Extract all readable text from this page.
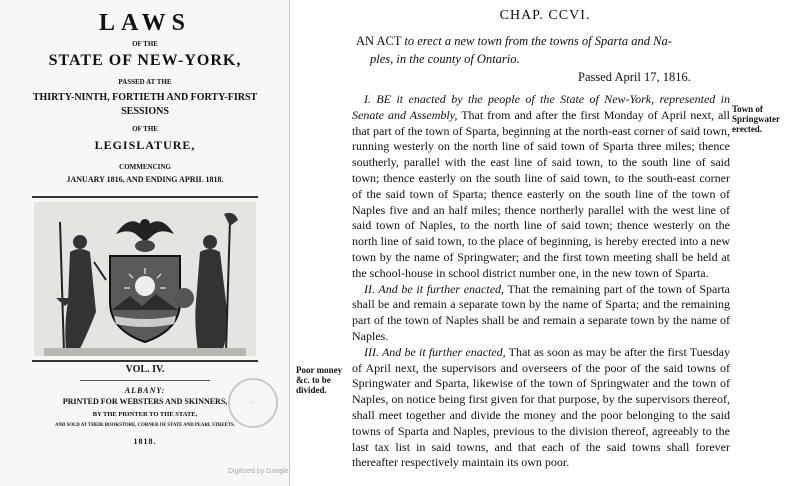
LAWS
OF THE
STATE OF NEW-YORK,
PASSED AT THE
THIRTY-NINTH, FORTIETH AND FORTY-FIRST
SESSIONS
OF THE
LEGISLATURE,
COMMENCING
JANUARY 1816, AND ENDING APRIL 1818.
VOL. IV.
ALBANY:
PRINTED FOR WEBSTERS AND SKINNERS,
BY THE PRINTER TO THE STATE,
AND SOLD AT THEIR BOOKSTORE, CORNER OF STATE AND PEARL STREETS.
1818.
○
Digitized by Google
CHAP. CCVI.
AN ACT to erect a new town from the towns of Sparta and Na-
ples, in the county of Ontario.
Passed April 17, 1816.

I. BE it enacted by the people of the State of New-York, represented in Senate and Assembly, That from and after the first Monday of April next, all that part of the town of Sparta, beginning at the north-east corner of said town, running westerly on the north line of said town of Sparta three miles; thence southerly, parallel with the east line of said town, to the south line of said town; thence easterly on the south line of said town, to the south-east corner of the said town of Sparta; thence easterly on the south line of the town of Naples five and an half miles; thence northerly parallel with the west line of said town of Naples, to the north line of said town; thence westerly on the north line of said town, to the place of beginning, is hereby erected into a new town by the name of Springwater; and the first town meeting shall be held at the school-house in school district number one, in the new town of Sparta.

II. And be it further enacted, That the remaining part of the town of Sparta shall be and remain a separate town by the name of Sparta; and the remaining part of the town of Naples shall be and remain a separate town by the name of Naples.

III. And be it further enacted, That as soon as may be after the first Tuesday of April next, the supervisors and overseers of the poor of the said towns of Springwater and Sparta, likewise of the town of Springwater and the town of Naples, on notice being first given for that purpose, by the supervisors thereof, shall meet together and divide the money and the poor belonging to the said towns of Sparta and Naples, previous to the division thereof, agreeably to the last tax list in said towns, and that each of the said towns shall forever thereafter respectively maintain its own poor.

Town of Springwater erected.
Poor money &c. to be divided.
